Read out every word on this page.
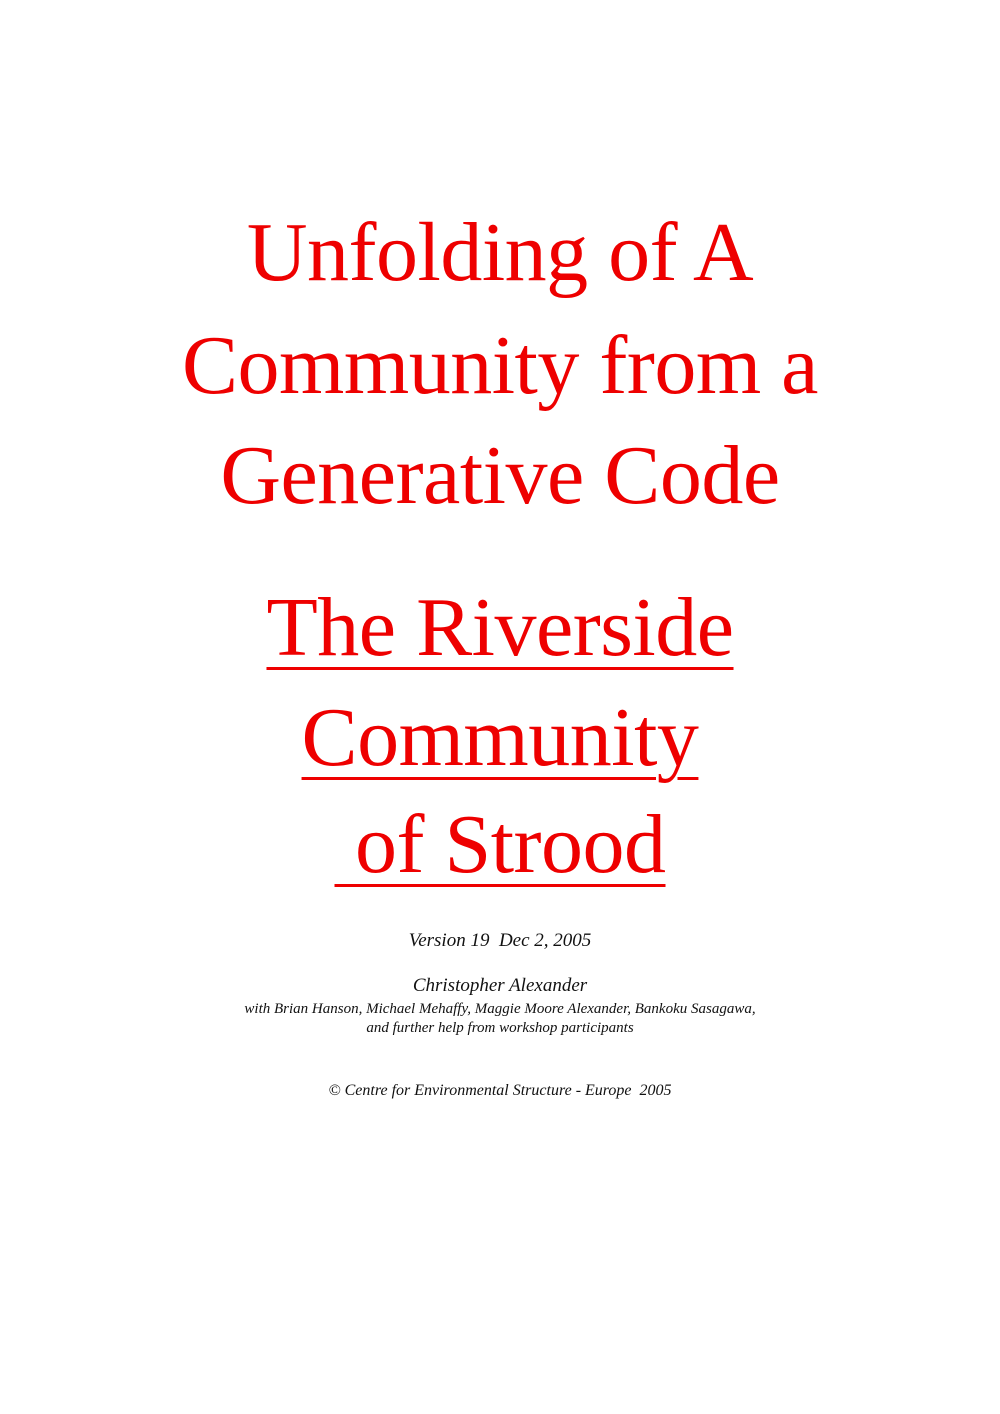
Unfolding of A

Community from a

Generative Code

The Riverside

Community

of Strood

Version 19  Dec 2, 2005

Christopher Alexander

with Brian Hanson, Michael Mehaffy, Maggie Moore Alexander, Bankoku Sasagawa,

and further help from workshop participants

© Centre for Environmental Structure - Europe  2005
